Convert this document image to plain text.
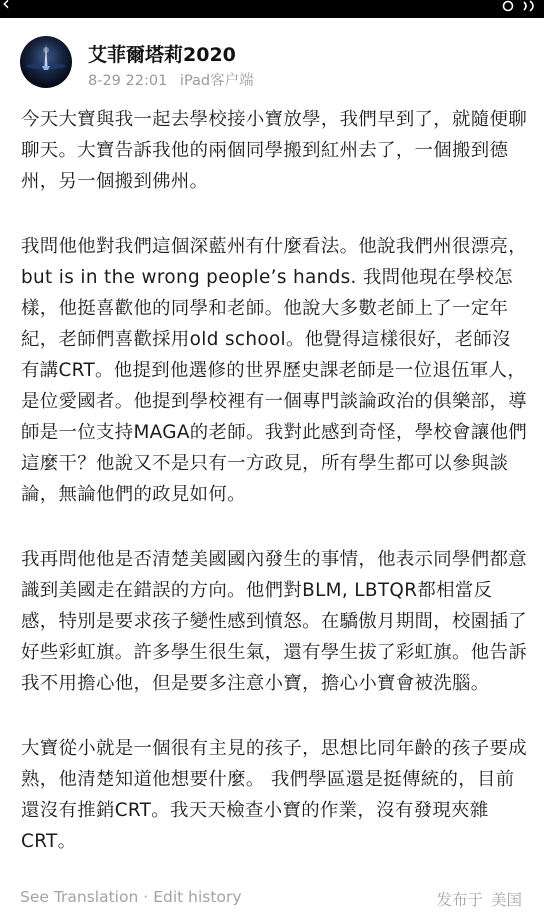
‹
艾菲爾塔莉2020
8-29 22:01 iPad客户端

今天大寶與我一起去學校接小寶放學，我們早到了，就隨便聊聊天。大寶告訴我他的兩個同學搬到紅州去了，一個搬到德州，另一個搬到佛州。

我問他他對我們這個深藍州有什麼看法。他說我們州很漂亮，but is in the wrong people’s hands. 我問他現在學校怎樣，他挺喜歡他的同學和老師。他說大多數老師上了一定年紀，老師們喜歡採用old school。他覺得這樣很好，老師沒有講CRT。他提到他選修的世界歷史課老師是一位退伍軍人，是位愛國者。他提到學校裡有一個專門談論政治的俱樂部，導師是一位支持MAGA的老師。我對此感到奇怪，學校會讓他們這麼干？他說又不是只有一方政見，所有學生都可以參與談論，無論他們的政見如何。

我再問他他是否清楚美國國內發生的事情，他表示同學們都意識到美國走在錯誤的方向。他們對BLM, LBTQR都相當反感，特別是要求孩子變性感到憤怒。在驕傲月期間，校園插了好些彩虹旗。許多學生很生氣，還有學生拔了彩虹旗。他告訴我不用擔心他，但是要多注意小寶，擔心小寶會被洗腦。

大寶從小就是一個很有主見的孩子，思想比同年齡的孩子要成熟，他清楚知道他想要什麼。 我們學區還是挺傳統的，目前還沒有推銷CRT。我天天檢查小寶的作業，沒有發現夾雜CRT。

See Translation · Edit history	发布于 美国
